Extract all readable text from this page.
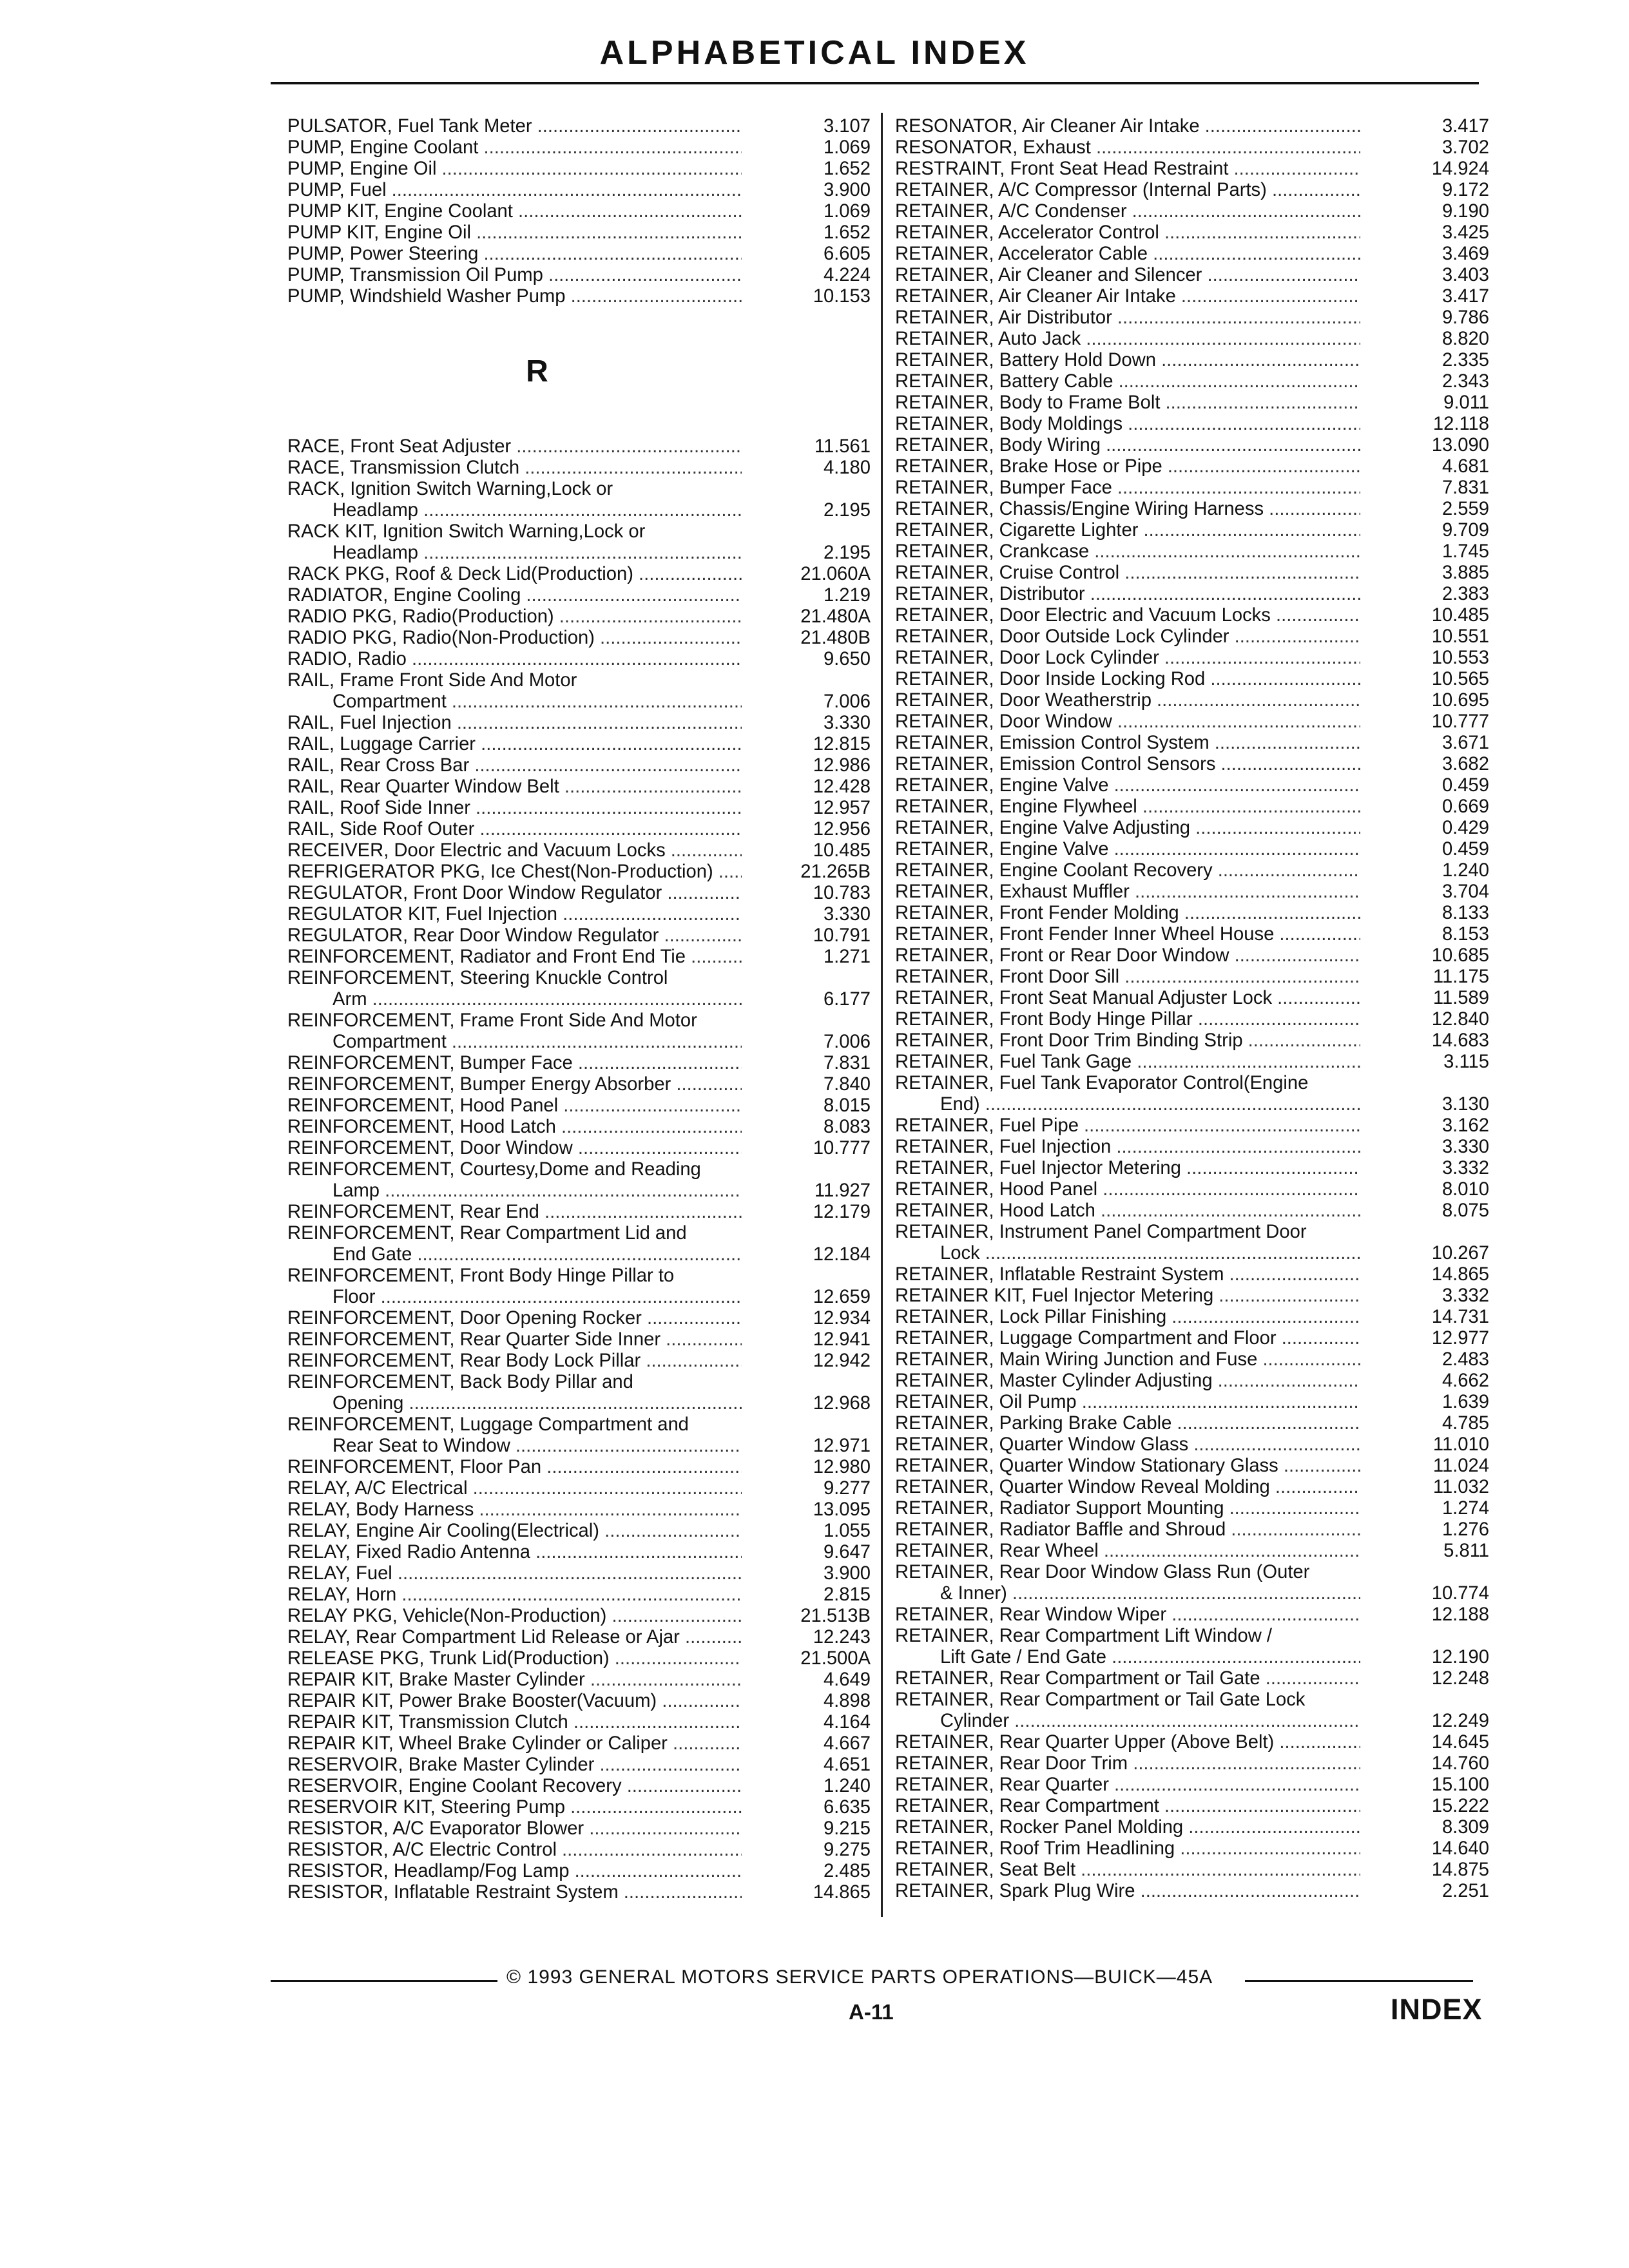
ALPHABETICAL INDEX
PULSATOR, Fuel Tank Meter .....	3.107
PUMP, Engine Coolant .....	1.069
PUMP, Engine Oil .....	1.652
PUMP, Fuel .....	3.900
PUMP KIT, Engine Coolant .....	1.069
PUMP KIT, Engine Oil .....	1.652
PUMP, Power Steering .....	6.605
PUMP, Transmission Oil Pump .....	4.224
PUMP, Windshield Washer Pump .....	10.153
R
RACE, Front Seat Adjuster .....	11.561
RACE, Transmission Clutch .....	4.180
RACK, Ignition Switch Warning,Lock or
Headlamp .....	2.195
RACK KIT, Ignition Switch Warning,Lock or
Headlamp .....	2.195
RACK PKG, Roof & Deck Lid(Production) .....	21.060A
RADIATOR, Engine Cooling .....	1.219
RADIO PKG, Radio(Production) .....	21.480A
RADIO PKG, Radio(Non-Production) .....	21.480B
RADIO, Radio .....	9.650
RAIL, Frame Front Side And Motor
Compartment .....	7.006
RAIL, Fuel Injection .....	3.330
RAIL, Luggage Carrier .....	12.815
RAIL, Rear Cross Bar .....	12.986
RAIL, Rear Quarter Window Belt .....	12.428
RAIL, Roof Side Inner .....	12.957
RAIL, Side Roof Outer .....	12.956
RECEIVER, Door Electric and Vacuum Locks .....	10.485
REFRIGERATOR PKG, Ice Chest(Non-Production) .....	21.265B
REGULATOR, Front Door Window Regulator .....	10.783
REGULATOR KIT, Fuel Injection .....	3.330
REGULATOR, Rear Door Window Regulator .....	10.791
REINFORCEMENT, Radiator and Front End Tie .....	1.271
REINFORCEMENT, Steering Knuckle Control
Arm .....	6.177
REINFORCEMENT, Frame Front Side And Motor
Compartment .....	7.006
REINFORCEMENT, Bumper Face .....	7.831
REINFORCEMENT, Bumper Energy Absorber .....	7.840
REINFORCEMENT, Hood Panel .....	8.015
REINFORCEMENT, Hood Latch .....	8.083
REINFORCEMENT, Door Window .....	10.777
REINFORCEMENT, Courtesy,Dome and Reading
Lamp .....	11.927
REINFORCEMENT, Rear End .....	12.179
REINFORCEMENT, Rear Compartment Lid and
End Gate .....	12.184
REINFORCEMENT, Front Body Hinge Pillar to
Floor .....	12.659
REINFORCEMENT, Door Opening Rocker .....	12.934
REINFORCEMENT, Rear Quarter Side Inner .....	12.941
REINFORCEMENT, Rear Body Lock Pillar .....	12.942
REINFORCEMENT, Back Body Pillar and
Opening .....	12.968
REINFORCEMENT, Luggage Compartment and
Rear Seat to Window .....	12.971
REINFORCEMENT, Floor Pan .....	12.980
RELAY, A/C Electrical .....	9.277
RELAY, Body Harness .....	13.095
RELAY, Engine Air Cooling(Electrical) .....	1.055
RELAY, Fixed Radio Antenna .....	9.647
RELAY, Fuel .....	3.900
RELAY, Horn .....	2.815
RELAY PKG, Vehicle(Non-Production) .....	21.513B
RELAY, Rear Compartment Lid Release or Ajar .....	12.243
RELEASE PKG, Trunk Lid(Production) .....	21.500A
REPAIR KIT, Brake Master Cylinder .....	4.649
REPAIR KIT, Power Brake Booster(Vacuum) .....	4.898
REPAIR KIT, Transmission Clutch .....	4.164
REPAIR KIT, Wheel Brake Cylinder or Caliper .....	4.667
RESERVOIR, Brake Master Cylinder .....	4.651
RESERVOIR, Engine Coolant Recovery .....	1.240
RESERVOIR KIT, Steering Pump .....	6.635
RESISTOR, A/C Evaporator Blower .....	9.215
RESISTOR, A/C Electric Control .....	9.275
RESISTOR, Headlamp/Fog Lamp .....	2.485
RESISTOR, Inflatable Restraint System .....	14.865
RESONATOR, Air Cleaner Air Intake .....	3.417
RESONATOR, Exhaust .....	3.702
RESTRAINT, Front Seat Head Restraint .....	14.924
RETAINER, A/C Compressor (Internal Parts) .....	9.172
RETAINER, A/C Condenser .....	9.190
RETAINER, Accelerator Control .....	3.425
RETAINER, Accelerator Cable .....	3.469
RETAINER, Air Cleaner and Silencer .....	3.403
RETAINER, Air Cleaner Air Intake .....	3.417
RETAINER, Air Distributor .....	9.786
RETAINER, Auto Jack .....	8.820
RETAINER, Battery Hold Down .....	2.335
RETAINER, Battery Cable .....	2.343
RETAINER, Body to Frame Bolt .....	9.011
RETAINER, Body Moldings .....	12.118
RETAINER, Body Wiring .....	13.090
RETAINER, Brake Hose or Pipe .....	4.681
RETAINER, Bumper Face .....	7.831
RETAINER, Chassis/Engine Wiring Harness .....	2.559
RETAINER, Cigarette Lighter .....	9.709
RETAINER, Crankcase .....	1.745
RETAINER, Cruise Control .....	3.885
RETAINER, Distributor .....	2.383
RETAINER, Door Electric and Vacuum Locks .....	10.485
RETAINER, Door Outside Lock Cylinder .....	10.551
RETAINER, Door Lock Cylinder .....	10.553
RETAINER, Door Inside Locking Rod .....	10.565
RETAINER, Door Weatherstrip .....	10.695
RETAINER, Door Window .....	10.777
RETAINER, Emission Control System .....	3.671
RETAINER, Emission Control Sensors .....	3.682
RETAINER, Engine Valve .....	0.459
RETAINER, Engine Flywheel .....	0.669
RETAINER, Engine Valve Adjusting .....	0.429
RETAINER, Engine Valve .....	0.459
RETAINER, Engine Coolant Recovery .....	1.240
RETAINER, Exhaust Muffler .....	3.704
RETAINER, Front Fender Molding .....	8.133
RETAINER, Front Fender Inner Wheel House .....	8.153
RETAINER, Front or Rear Door Window .....	10.685
RETAINER, Front Door Sill .....	11.175
RETAINER, Front Seat Manual Adjuster Lock .....	11.589
RETAINER, Front Body Hinge Pillar .....	12.840
RETAINER, Front Door Trim Binding Strip .....	14.683
RETAINER, Fuel Tank Gage .....	3.115
RETAINER, Fuel Tank Evaporator Control(Engine
End) .....	3.130
RETAINER, Fuel Pipe .....	3.162
RETAINER, Fuel Injection .....	3.330
RETAINER, Fuel Injector Metering .....	3.332
RETAINER, Hood Panel .....	8.010
RETAINER, Hood Latch .....	8.075
RETAINER, Instrument Panel Compartment Door
Lock .....	10.267
RETAINER, Inflatable Restraint System .....	14.865
RETAINER KIT, Fuel Injector Metering .....	3.332
RETAINER, Lock Pillar Finishing .....	14.731
RETAINER, Luggage Compartment and Floor .....	12.977
RETAINER, Main Wiring Junction and Fuse .....	2.483
RETAINER, Master Cylinder Adjusting .....	4.662
RETAINER, Oil Pump .....	1.639
RETAINER, Parking Brake Cable .....	4.785
RETAINER, Quarter Window Glass .....	11.010
RETAINER, Quarter Window Stationary Glass .....	11.024
RETAINER, Quarter Window Reveal Molding .....	11.032
RETAINER, Radiator Support Mounting .....	1.274
RETAINER, Radiator Baffle and Shroud .....	1.276
RETAINER, Rear Wheel .....	5.811
RETAINER, Rear Door Window Glass Run (Outer
& Inner) .....	10.774
RETAINER, Rear Window Wiper .....	12.188
RETAINER, Rear Compartment Lift Window /
Lift Gate / End Gate .....	12.190
RETAINER, Rear Compartment or Tail Gate .....	12.248
RETAINER, Rear Compartment or Tail Gate Lock
Cylinder .....	12.249
RETAINER, Rear Quarter Upper (Above Belt) .....	14.645
RETAINER, Rear Door Trim .....	14.760
RETAINER, Rear Quarter .....	15.100
RETAINER, Rear Compartment .....	15.222
RETAINER, Rocker Panel Molding .....	8.309
RETAINER, Roof Trim Headlining .....	14.640
RETAINER, Seat Belt .....	14.875
RETAINER, Spark Plug Wire .....	2.251
© 1993 GENERAL MOTORS SERVICE PARTS OPERATIONS—BUICK—45A
A-11	INDEX
